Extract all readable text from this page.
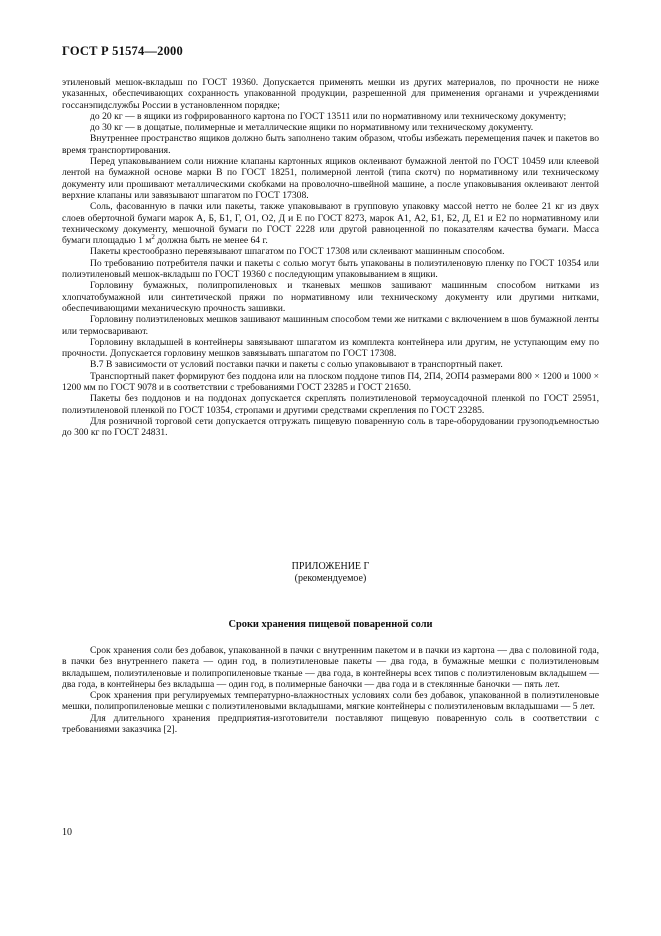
ГОСТ Р 51574—2000

этиленовый мешок-вкладыш по ГОСТ 19360. Допускается применять мешки из других материалов, по прочности не ниже указанных, обеспечивающих сохранность упакованной продукции, разрешенной для применения органами и учреждениями госсанэпидслужбы России в установленном порядке;

до 20 кг — в ящики из гофрированного картона по ГОСТ 13511 или по нормативному или техническому документу;

до 30 кг — в дощатые, полимерные и металлические ящики по нормативному или техническому документу.

Внутреннее пространство ящиков должно быть заполнено таким образом, чтобы избежать перемещения пачек и пакетов во время транспортирования.

Перед упаковыванием соли нижние клапаны картонных ящиков оклеивают бумажной лентой по ГОСТ 10459 или клеевой лентой на бумажной основе марки В по ГОСТ 18251, полимерной лентой (типа скотч) по нормативному или техническому документу или прошивают металлическими скобками на проволочно-швейной машине, а после упаковывания оклеивают лентой верхние клапаны или завязывают шпагатом по ГОСТ 17308.

Соль, фасованную в пачки или пакеты, также упаковывают в групповую упаковку массой нетто не более 21 кг из двух слоев оберточной бумаги марок А, Б, Б1, Г, О1, О2, Д и Е по ГОСТ 8273, марок А1, А2, Б1, Б2, Д, Е1 и Е2 по нормативному или техническому документу, мешочной бумаги по ГОСТ 2228 или другой равноценной по показателям качества бумаги. Масса бумаги площадью 1 $м^2$ должна быть не менее 64 г.

Пакеты крестообразно перевязывают шпагатом по ГОСТ 17308 или склеивают машинным способом.

По требованию потребителя пачки и пакеты с солью могут быть упакованы в полиэтиленовую пленку по ГОСТ 10354 или полиэтиленовый мешок-вкладыш по ГОСТ 19360 с последующим упаковыванием в ящики.

Горловину бумажных, полипропиленовых и тканевых мешков зашивают машинным способом нитками из хлопчатобумажной или синтетической пряжи по нормативному или техническому документу или другими нитками, обеспечивающими механическую прочность зашивки.

Горловину полиэтиленовых мешков зашивают машинным способом теми же нитками с включением в шов бумажной ленты или термосваривают.

Горловину вкладышей в контейнеры завязывают шпагатом из комплекта контейнера или другим, не уступающим ему по прочности. Допускается горловину мешков завязывать шпагатом по ГОСТ 17308.

В.7 В зависимости от условий поставки пачки и пакеты с солью упаковывают в транспортный пакет.

Транспортный пакет формируют без поддона или на плоском поддоне типов П4, 2П4, 2ОП4 размерами 800 × 1200 и 1000 × 1200 мм по ГОСТ 9078 и в соответствии с требованиями ГОСТ 23285 и ГОСТ 21650.

Пакеты без поддонов и на поддонах допускается скреплять полиэтиленовой термоусадочной пленкой по ГОСТ 25951, полиэтиленовой пленкой по ГОСТ 10354, стропами и другими средствами скрепления по ГОСТ 23285.

Для розничной торговой сети допускается отгружать пищевую поваренную соль в таре-оборудовании грузоподъемностью до 300 кг по ГОСТ 24831.

ПРИЛОЖЕНИЕ Г
(рекомендуемое)
Сроки хранения пищевой поваренной соли

Срок хранения соли без добавок, упакованной в пачки с внутренним пакетом и в пачки из картона — два с половиной года, в пачки без внутреннего пакета — один год, в полиэтиленовые пакеты — два года, в бумажные мешки с полиэтиленовым вкладышем, полиэтиленовые и полипропиленовые тканые — два года, в контейнеры всех типов с полиэтиленовым вкладышем — два года, в контейнеры без вкладыша — один год, в полимерные баночки — два года и в стеклянные баночки — пять лет.

Срок хранения при регулируемых температурно-влажностных условиях соли без добавок, упакованной в полиэтиленовые мешки, полипропиленовые мешки с полиэтиленовыми вкладышами, мягкие контейнеры с полиэтиленовым вкладышами — 5 лет.

Для длительного хранения предприятия-изготовители поставляют пищевую поваренную соль в соответствии с требованиями заказчика [2].

10
